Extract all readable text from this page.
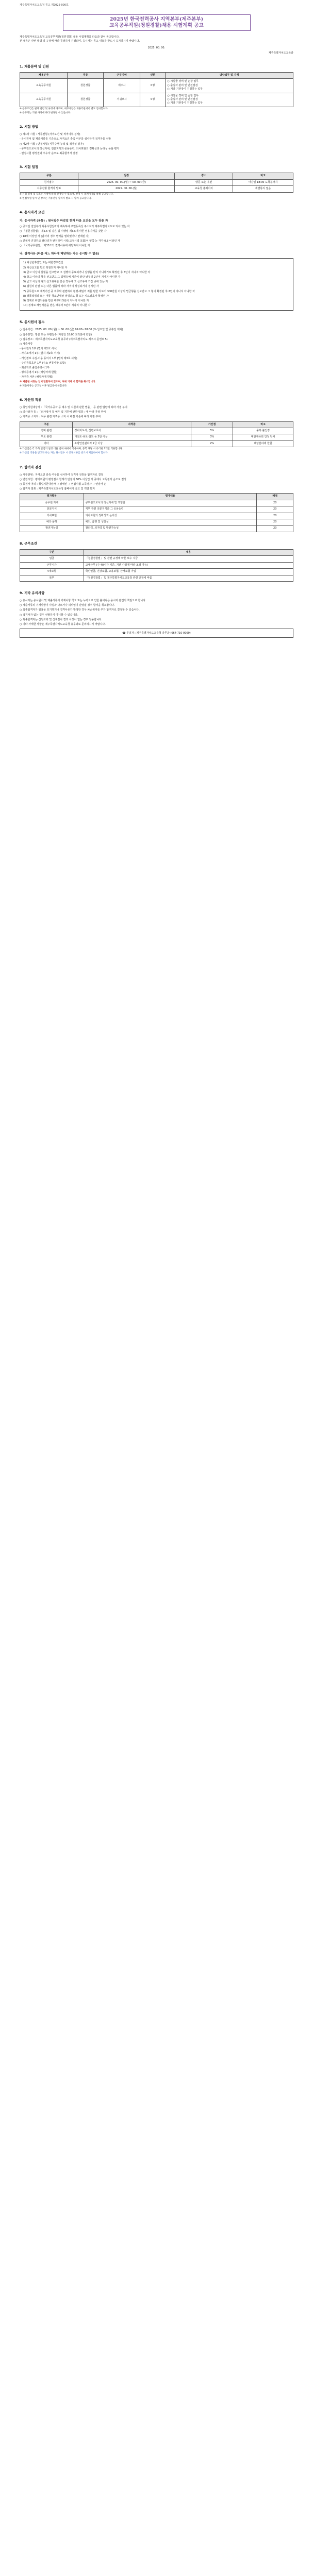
제주특별자치도교육청 공고 제2025-000호
2025년 한국전력공사 지역본부(제주본부)
교육공무직원(청원경찰)채용 시험계획 공고

제주특별자치도교육청 교육공무직원(청원경찰) 채용 시험계획을 다음과 같이 공고합니다.

본 채용은 관련 법령 및 규정에 따라 공정하게 진행되며, 응시자는 공고 내용을 반드시 숙지하시기 바랍니다.

2025. 00. 00.
제주특별자치도교육감
1. 채용분야 및 인원
채용분야	직종	근무지역	인원	담당업무 및 자격
교육공무직원	청원경찰	제주시	0명	○ 시설물 경비 및 순찰 업무
○ 출입자 관리 및 안전점검
○ 기타 기관장이 지정하는 업무
교육공무직원	청원경찰	서귀포시	0명	○ 시설물 경비 및 순찰 업무
○ 출입자 관리 및 안전점검
○ 기타 기관장이 지정하는 업무
※ 근무조건은 관계 법령 및 규정에 따르며, 세부사항은 채용기관에서 별도 안내합니다.
※ 근무지는 기관 사정에 따라 변경될 수 있습니다.
2. 시험 방법
○ 제1차 시험 : 서류전형 (자격요건 및 적격여부 심사)
- 응시원서 및 제출서류를 기준으로 자격요건 충족 여부를 심사하여 적격자를 선발
○ 제2차 시험 : 면접시험 (직무수행 능력 및 적격성 평가)
- 공무원으로서의 정신자세, 전문지식과 응용능력, 의사표현의 정확성과 논리성 등을 평가
- 면접시험 평정결과 우수자 순으로 최종합격자 결정
3. 시험 일정
구분	일정	장소	비고
원서접수	2025. 00. 00.(월) ~ 00. 00.(금)	방문 또는 우편	마감일 18:00 도착분까지
서류전형 합격자 발표	2025. 00. 00.(월)	교육청 홈페이지	개별통지 없음
※ 시험 일정 및 장소는 사정에 따라 변경될 수 있으며, 변경 시 홈페이지를 통해 공고합니다.
※ 면접시험 일시 및 장소는 서류전형 합격자 발표 시 함께 공고합니다.
4. 응시자격 요건
가. 응시자격 (공통) : 원서접수 마감일 현재 다음 요건을 모두 갖춘 자
○ 공고일 전일부터 최종시험일까지 계속하여 주민등록상 주소지가 제주특별자치도로 되어 있는 자
○ 「청원경찰법」 제5조 및 같은 법 시행령 제3조에 따른 임용자격을 갖춘 자
○ 18세 이상인 자 (남자의 경우 병역을 필하였거나 면제된 자)
○ 신체가 건강하고 팔다리가 완전하며 시력(교정시력 포함)이 양쪽 눈 각각 0.8 이상인 자
○ 「국가공무원법」 제33조의 결격사유에 해당하지 아니한 자
나. 결격사유 (다음 어느 하나에 해당하는 자는 응시할 수 없음)
1) 피성년후견인 또는 피한정후견인
2) 파산선고를 받고 복권되지 아니한 자
3) 금고 이상의 실형을 선고받고 그 집행이 종료되거나 집행을 받지 아니하기로 확정된 후 5년이 지나지 아니한 자
4) 금고 이상의 형을 선고받고 그 집행유예 기간이 끝난 날부터 2년이 지나지 아니한 자
5) 금고 이상의 형의 선고유예를 받은 경우에 그 선고유예 기간 중에 있는 자
6) 법원의 판결 또는 다른 법률에 따라 자격이 상실되거나 정지된 자
7) 공무원으로 재직기간 중 직무와 관련하여 횡령·배임의 죄를 범한 자로서 300만원 이상의 벌금형을 선고받고 그 형이 확정된 후 2년이 지나지 아니한 자
8) 성폭력범죄 또는 아동·청소년대상 성범죄로 형 또는 치료감호가 확정된 자
9) 징계로 파면처분을 받은 때부터 5년이 지나지 아니한 자
10) 징계로 해임처분을 받은 때부터 3년이 지나지 아니한 자
5. 응시원서 접수
○ 접수기간 : 2025. 00. 00.(월) ~ 00. 00.(금) 09:00~18:00 (토·일요일 및 공휴일 제외)
○ 접수방법 : 방문 또는 우편접수 (마감일 18:00 도착분에 한함)
○ 접수장소 : 제주특별자치도교육청 총무과 (제주특별자치도 제주시 문연로 5)
○ 제출서류
- 응시원서 1부 (별지 제1호 서식)
- 자기소개서 1부 (별지 제2호 서식)
- 개인정보 수집·이용 동의서 1부 (별지 제3호 서식)
- 주민등록초본 1부 (주소 변동사항 포함)
- 최종학교 졸업증명서 1부
- 병적증명서 1부 (해당자에 한함)
- 자격증 사본 (해당자에 한함)
※ 제출된 서류는 일체 반환하지 않으며, 허위 기재 시 합격을 취소합니다.
※ 제출서류는 공고일 이후 발급분에 한합니다.
6. 가산점 적용
○ 취업지원대상자 : 「국가유공자 등 예우 및 지원에 관한 법률」 등 관련 법령에 따라 가점 부여
○ 의사상자 등 : 「의사상자 등 예우 및 지원에 관한 법률」에 따라 가점 부여
○ 자격증 소지자 : 직무 관련 자격증 소지 시 배점 기준에 따라 가점 부여
구분	자격증	가산점	비고
경비 관련	경비지도사, 신변보호사	5%	중복 불인정
무도 관련	태권도·유도·검도 등 3단 이상	3%	대한체육회 인정 단체
기타	소방안전관리자 2급 이상	2%	해당분야에 한함
※ 가산점은 각 과목 만점의 일정 비율 범위 내에서 적용하며, 중복 해당 시 유리한 1개만 적용합니다.
※ 가산점 적용을 받고자 하는 자는 원서접수 시 증빙서류를 반드시 제출하여야 합니다.
7. 합격자 결정
○ 서류전형 : 자격요건 충족 여부를 심사하여 적격자 전원을 합격자로 결정
○ 면접시험 : 평가위원의 평정점수 합계가 만점의 60% 이상인 자 중에서 고득점자 순으로 결정
○ 동점자 처리 : 취업지원대상자 → 장애인 → 면접시험 고득점자 → 연장자 순
○ 합격자 발표 : 제주특별자치도교육청 홈페이지 공고 및 개별 통지
평가항목	평가내용	배점
공무원 자세	공무원으로서의 정신자세 및 책임감	20
전문지식	직무 관련 전문지식과 그 응용능력	20
의사표현	의사표현의 정확성과 논리성	20
예의·품행	예의, 품행 및 성실성	20
발전가능성	창의력, 의지력 및 발전가능성	20
8. 근무조건
구분	내용
임금	「청원경찰법」 및 관련 규정에 따른 보수 지급
근무시간	교대근무 (주 40시간 기준, 기관 사정에 따라 조정 가능)
4대보험	국민연금, 건강보험, 고용보험, 산재보험 가입
복무	「청원경찰법」 및 제주특별자치도교육청 관련 규정에 따름
9. 기타 유의사항
○ 응시자는 응시원서 및 제출서류의 기재사항 착오 또는 누락으로 인한 불이익은 응시자 본인의 책임으로 합니다.
○ 제출서류의 기재사항이 사실과 다르거나 허위임이 판명될 경우 합격을 취소합니다.
○ 최종합격자가 임용을 포기하거나 결격사유가 발생한 경우 차순위자를 추가 합격자로 결정할 수 있습니다.
○ 적격자가 없는 경우 선발하지 아니할 수 있습니다.
○ 최종합격자는 신원조회 및 신체검사 결과 이상이 없는 경우 임용합니다.
○ 기타 자세한 사항은 제주특별자치도교육청 총무과로 문의하시기 바랍니다.
☎ 문의처 : 제주특별자치도교육청 총무과 (064-710-0000)
